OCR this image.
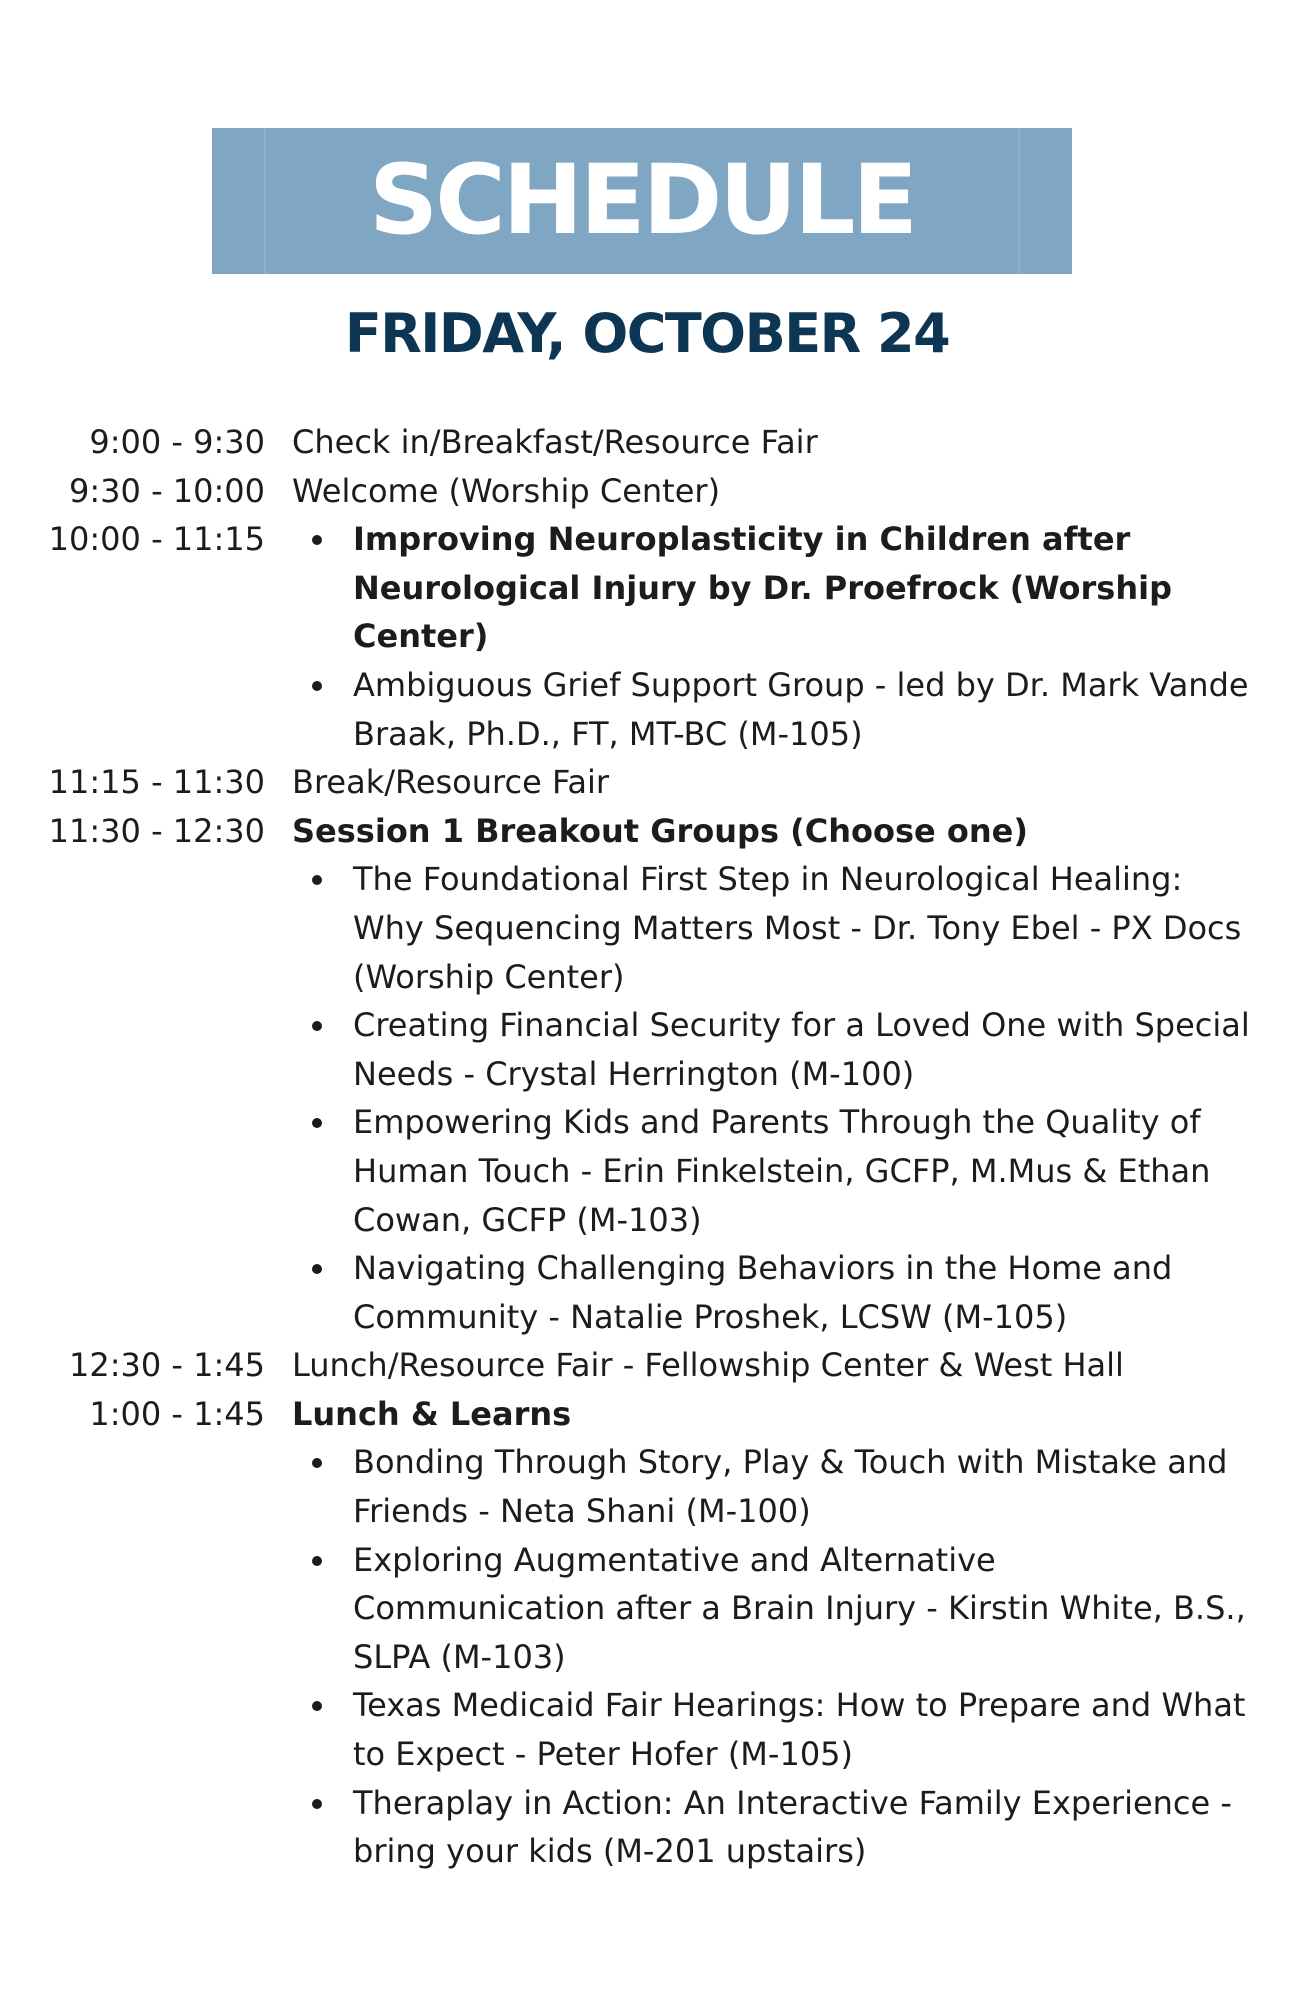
SCHEDULE
FRIDAY, OCTOBER 24
9:00 - 9:30 Check in/Breakfast/Resource Fair
9:30 - 10:00 Welcome (Worship Center)
10:00 - 11:15	Improving Neuroplasticity in Children after Neurological Injury by Dr. Proefrock (Worship Center)
Ambiguous Grief Support Group - led by Dr. Mark Vande Braak, Ph.D., FT, MT-BC (M-105)
11:15 - 11:30 Break/Resource Fair
11:30 - 12:30 Session 1 Breakout Groups (Choose one)
The Foundational First Step in Neurological Healing: Why Sequencing Matters Most - Dr. Tony Ebel - PX Docs (Worship Center)
Creating Financial Security for a Loved One with Special Needs - Crystal Herrington (M-100)
Empowering Kids and Parents Through the Quality of Human Touch - Erin Finkelstein, GCFP, M.Mus & Ethan Cowan, GCFP (M-103)
Navigating Challenging Behaviors in the Home and Community - Natalie Proshek, LCSW (M-105)
12:30 - 1:45 Lunch/Resource Fair - Fellowship Center & West Hall
1:00 - 1:45 Lunch & Learns
Bonding Through Story, Play & Touch with Mistake and Friends - Neta Shani (M-100)
Exploring Augmentative and Alternative Communication after a Brain Injury - Kirstin White, B.S., SLPA (M-103)
Texas Medicaid Fair Hearings: How to Prepare and What to Expect - Peter Hofer (M-105)
Theraplay in Action: An Interactive Family Experience -bring your kids (M-201 upstairs)
